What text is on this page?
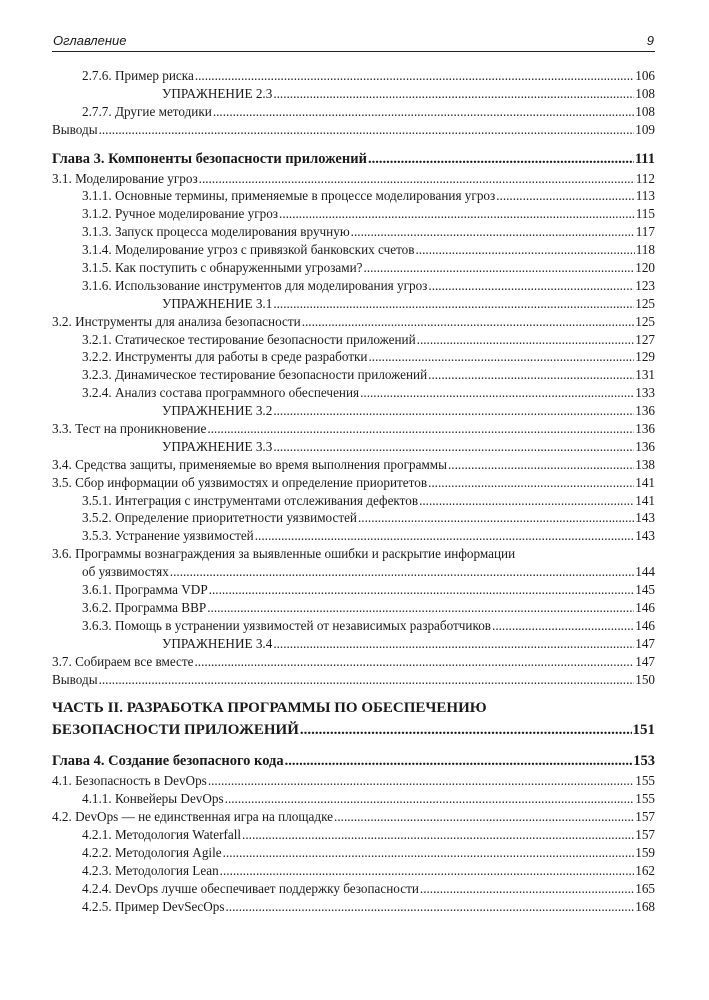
Оглавление	9
2.7.6. Пример риска .....	106
УПРАЖНЕНИЕ 2.3 .....	108
2.7.7. Другие методики .....	108
Выводы .....	109
Глава 3. Компоненты безопасности приложений .....	111
3.1. Моделирование угроз .....	112
3.1.1. Основные термины, применяемые в процессе моделирования угроз .....	113
3.1.2. Ручное моделирование угроз .....	115
3.1.3. Запуск процесса моделирования вручную .....	117
3.1.4. Моделирование угроз с привязкой банковских счетов .....	118
3.1.5. Как поступить с обнаруженными угрозами? .....	120
3.1.6. Использование инструментов для моделирования угроз .....	123
УПРАЖНЕНИЕ 3.1 .....	125
3.2. Инструменты для анализа безопасности .....	125
3.2.1. Статическое тестирование безопасности приложений .....	127
3.2.2. Инструменты для работы в среде разработки .....	129
3.2.3. Динамическое тестирование безопасности приложений .....	131
3.2.4. Анализ состава программного обеспечения .....	133
УПРАЖНЕНИЕ 3.2 .....	136
3.3. Тест на проникновение .....	136
УПРАЖНЕНИЕ 3.3 .....	136
3.4. Средства защиты, применяемые во время выполнения программы .....	138
3.5. Сбор информации об уязвимостях и определение приоритетов .....	141
3.5.1. Интеграция с инструментами отслеживания дефектов .....	141
3.5.2. Определение приоритетности уязвимостей .....	143
3.5.3. Устранение уязвимостей .....	143
3.6. Программы вознаграждения за выявленные ошибки и раскрытие информации
об уязвимостях .....	144
3.6.1. Программа VDP .....	145
3.6.2. Программа BBP .....	146
3.6.3. Помощь в устранении уязвимостей от независимых разработчиков .....	146
УПРАЖНЕНИЕ 3.4 .....	147
3.7. Собираем все вместе .....	147
Выводы .....	150
ЧАСТЬ II. РАЗРАБОТКА ПРОГРАММЫ ПО ОБЕСПЕЧЕНИЮ
БЕЗОПАСНОСТИ ПРИЛОЖЕНИЙ .....	151
Глава 4. Создание безопасного кода .....	153
4.1. Безопасность в DevOps .....	155
4.1.1. Конвейеры DevOps .....	155
4.2. DevOps — не единственная игра на площадке .....	157
4.2.1. Методология Waterfall .....	157
4.2.2. Методология Agile .....	159
4.2.3. Методология Lean .....	162
4.2.4. DevOps лучше обеспечивает поддержку безопасности .....	165
4.2.5. Пример DevSecOps .....	168
